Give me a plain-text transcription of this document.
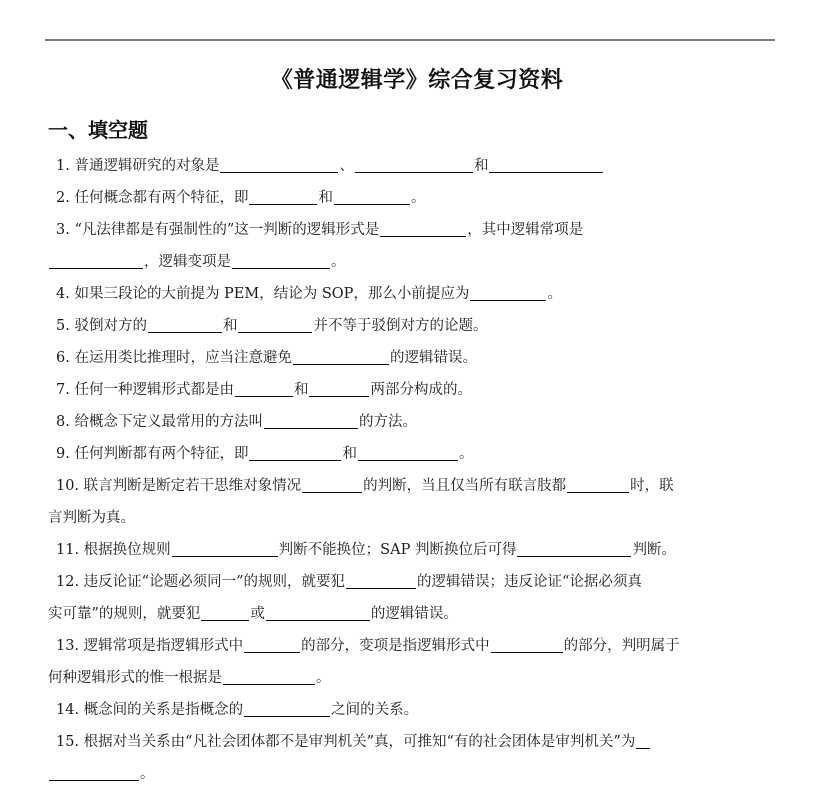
《普通逻辑学》综合复习资料
一、填空题
1. 普通逻辑研究的对象是	、	和
2. 任何概念都有两个特征，即	和	。
3. “凡法律都是有强制性的”这一判断的逻辑形式是	，其中逻辑常项是
，逻辑变项是	。
4. 如果三段论的大前提为 PEM，结论为 SOP，那么小前提应为	。
5. 驳倒对方的	和	并不等于驳倒对方的论题。
6. 在运用类比推理时，应当注意避免	的逻辑错误。
7. 任何一种逻辑形式都是由	和	两部分构成的。
8. 给概念下定义最常用的方法叫	的方法。
9. 任何判断都有两个特征，即	和	。
10. 联言判断是断定若干思维对象情况	的判断，当且仅当所有联言肢都	时，联
言判断为真。
11. 根据换位规则	判断不能换位；SAP 判断换位后可得	判断。
12. 违反论证“论题必须同一”的规则，就要犯	的逻辑错误；违反论证“论据必须真
实可靠”的规则，就要犯	或	的逻辑错误。
13. 逻辑常项是指逻辑形式中	的部分，变项是指逻辑形式中	的部分，判明属于
何种逻辑形式的惟一根据是	。
14. 概念间的关系是指概念的	之间的关系。
15. 根据对当关系由“凡社会团体都不是审判机关”真，可推知“有的社会团体是审判机关”为
。
